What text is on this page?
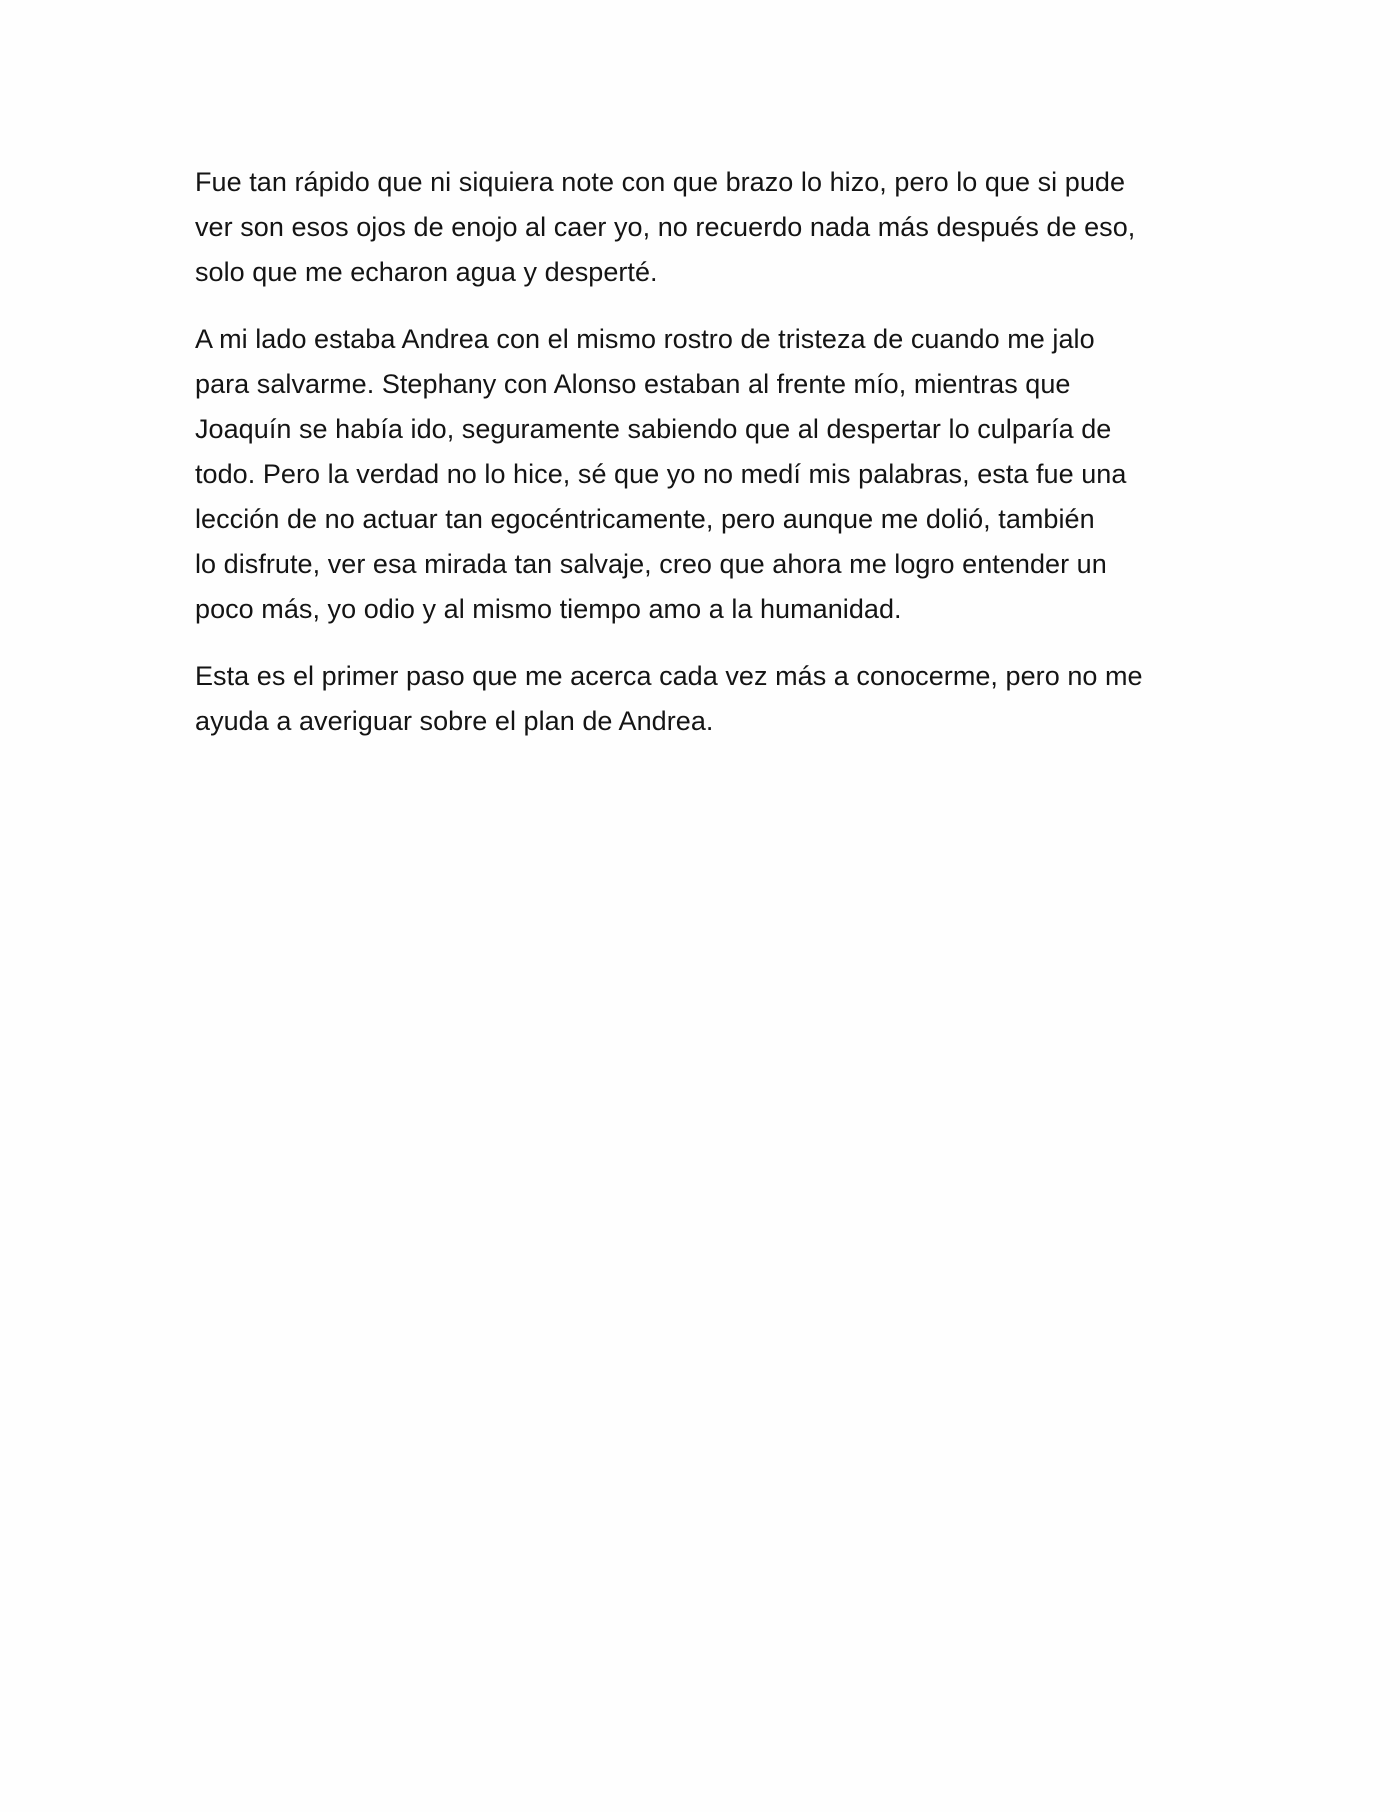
Fue tan rápido que ni siquiera note con que brazo lo hizo, pero lo que si pude
ver son esos ojos de enojo al caer yo, no recuerdo nada más después de eso,
solo que me echaron agua y desperté.

A mi lado estaba Andrea con el mismo rostro de tristeza de cuando me jalo
para salvarme. Stephany con Alonso estaban al frente mío, mientras que
Joaquín se había ido, seguramente sabiendo que al despertar lo culparía de
todo. Pero la verdad no lo hice, sé que yo no medí mis palabras, esta fue una
lección de no actuar tan egocéntricamente, pero aunque me dolió, también
lo disfrute, ver esa mirada tan salvaje, creo que ahora me logro entender un
poco más, yo odio y al mismo tiempo amo a la humanidad.

Esta es el primer paso que me acerca cada vez más a conocerme, pero no me
ayuda a averiguar sobre el plan de Andrea.
